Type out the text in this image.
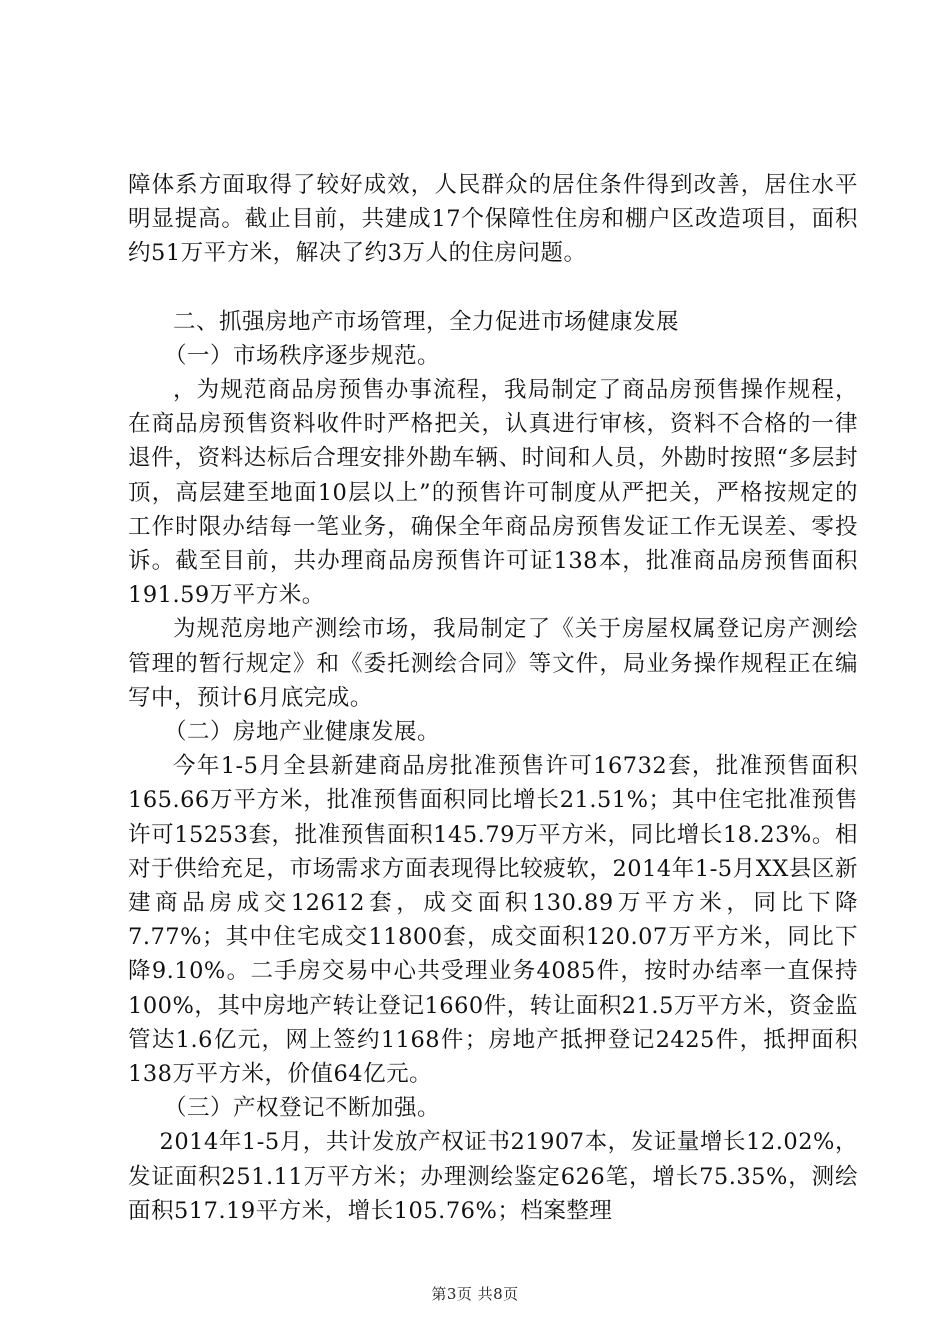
障体系方面取得了较好成效，人民群众的居住条件得到改善，居住水平明显提高。截止目前，共建成17个保障性住房和棚户区改造项目，面积约51万平方米，解决了约3万人的住房问题。

二、抓强房地产市场管理，全力促进市场健康发展

（一）市场秩序逐步规范。

，为规范商品房预售办事流程，我局制定了商品房预售操作规程，在商品房预售资料收件时严格把关，认真进行审核，资料不合格的一律退件，资料达标后合理安排外勘车辆、时间和人员，外勘时按照“多层封顶，高层建至地面10层以上”的预售许可制度从严把关，严格按规定的工作时限办结每一笔业务，确保全年商品房预售发证工作无误差、零投诉。截至目前，共办理商品房预售许可证138本，批准商品房预售面积191.59万平方米。

为规范房地产测绘市场，我局制定了《关于房屋权属登记房产测绘管理的暂行规定》和《委托测绘合同》等文件，局业务操作规程正在编写中，预计6月底完成。

（二）房地产业健康发展。

今年1-5月全县新建商品房批准预售许可16732套，批准预售面积165.66万平方米，批准预售面积同比增长21.51%；其中住宅批准预售许可15253套，批准预售面积145.79万平方米，同比增长18.23%。相对于供给充足，市场需求方面表现得比较疲软，2014年1-5月XX县区新建商品房成交12612套，成交面积130.89万平方米，同比下降7.77%；其中住宅成交11800套，成交面积120.07万平方米，同比下降9.10%。二手房交易中心共受理业务4085件，按时办结率一直保持100%，其中房地产转让登记1660件，转让面积21.5万平方米，资金监管达1.6亿元，网上签约1168件；房地产抵押登记2425件，抵押面积138万平方米，价值64亿元。

（三）产权登记不断加强。

2014年1-5月，共计发放产权证书21907本，发证量增长12.02%，发证面积251.11万平方米；办理测绘鉴定626笔，增长75.35%，测绘面积517.19平方米，增长105.76%；档案整理

第3页 共8页
